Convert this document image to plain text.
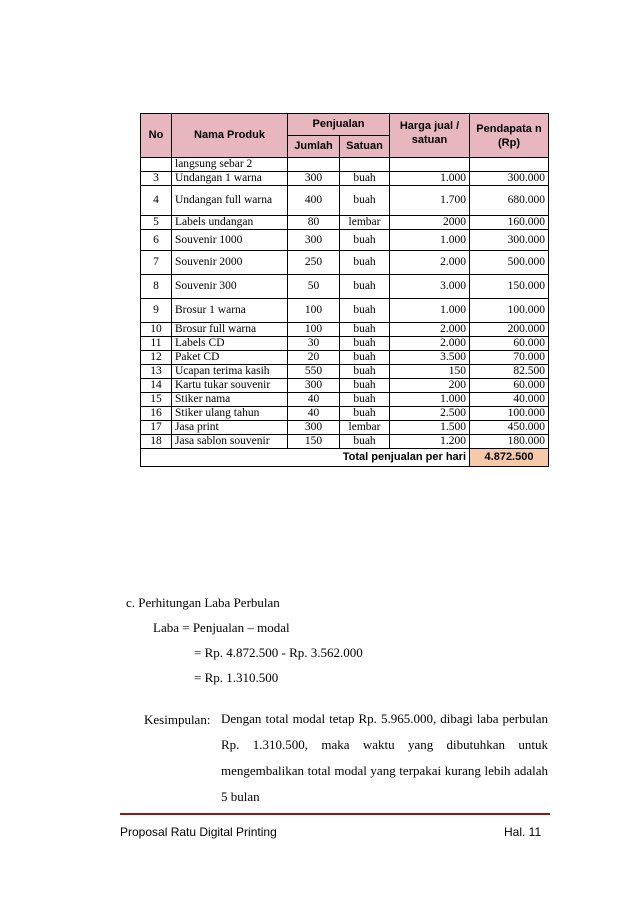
No	Nama Produk	Penjualan		Harga jual / satuan	Pendapata n (Rp)
		Jumlah	Satuan		
	langsung sebar 2				
3	Undangan 1 warna	300	buah	1.000	300.000
4	Undangan full warna	400	buah	1.700	680.000
5	Labels undangan	80	lembar	2000	160.000
6	Souvenir 1000	300	buah	1.000	300.000
7	Souvenir 2000	250	buah	2.000	500.000
8	Souvenir 300	50	buah	3.000	150.000
9	Brosur 1 warna	100	buah	1.000	100.000
10	Brosur full warna	100	buah	2.000	200.000
11	Labels CD	30	buah	2.000	60.000
12	Paket CD	20	buah	3.500	70.000
13	Ucapan terima kasih	550	buah	150	82.500
14	Kartu tukar souvenir	300	buah	200	60.000
15	Stiker nama	40	buah	1.000	40.000
16	Stiker ulang tahun	40	buah	2.500	100.000
17	Jasa print	300	lembar	1.500	450.000
18	Jasa sablon souvenir	150	buah	1.200	180.000
Total penjualan per hari					4.872.500
c. Perhitungan Laba Perbulan
Laba = Penjualan – modal
= Rp. 4.872.500 - Rp. 3.562.000
= Rp. 1.310.500
Kesimpulan: Dengan total modal tetap Rp. 5.965.000, dibagi laba perbulan Rp. 1.310.500, maka waktu yang dibutuhkan untuk mengembalikan total modal yang terpakai kurang lebih adalah 5 bulan
Proposal Ratu Digital Printing	Hal. 11
